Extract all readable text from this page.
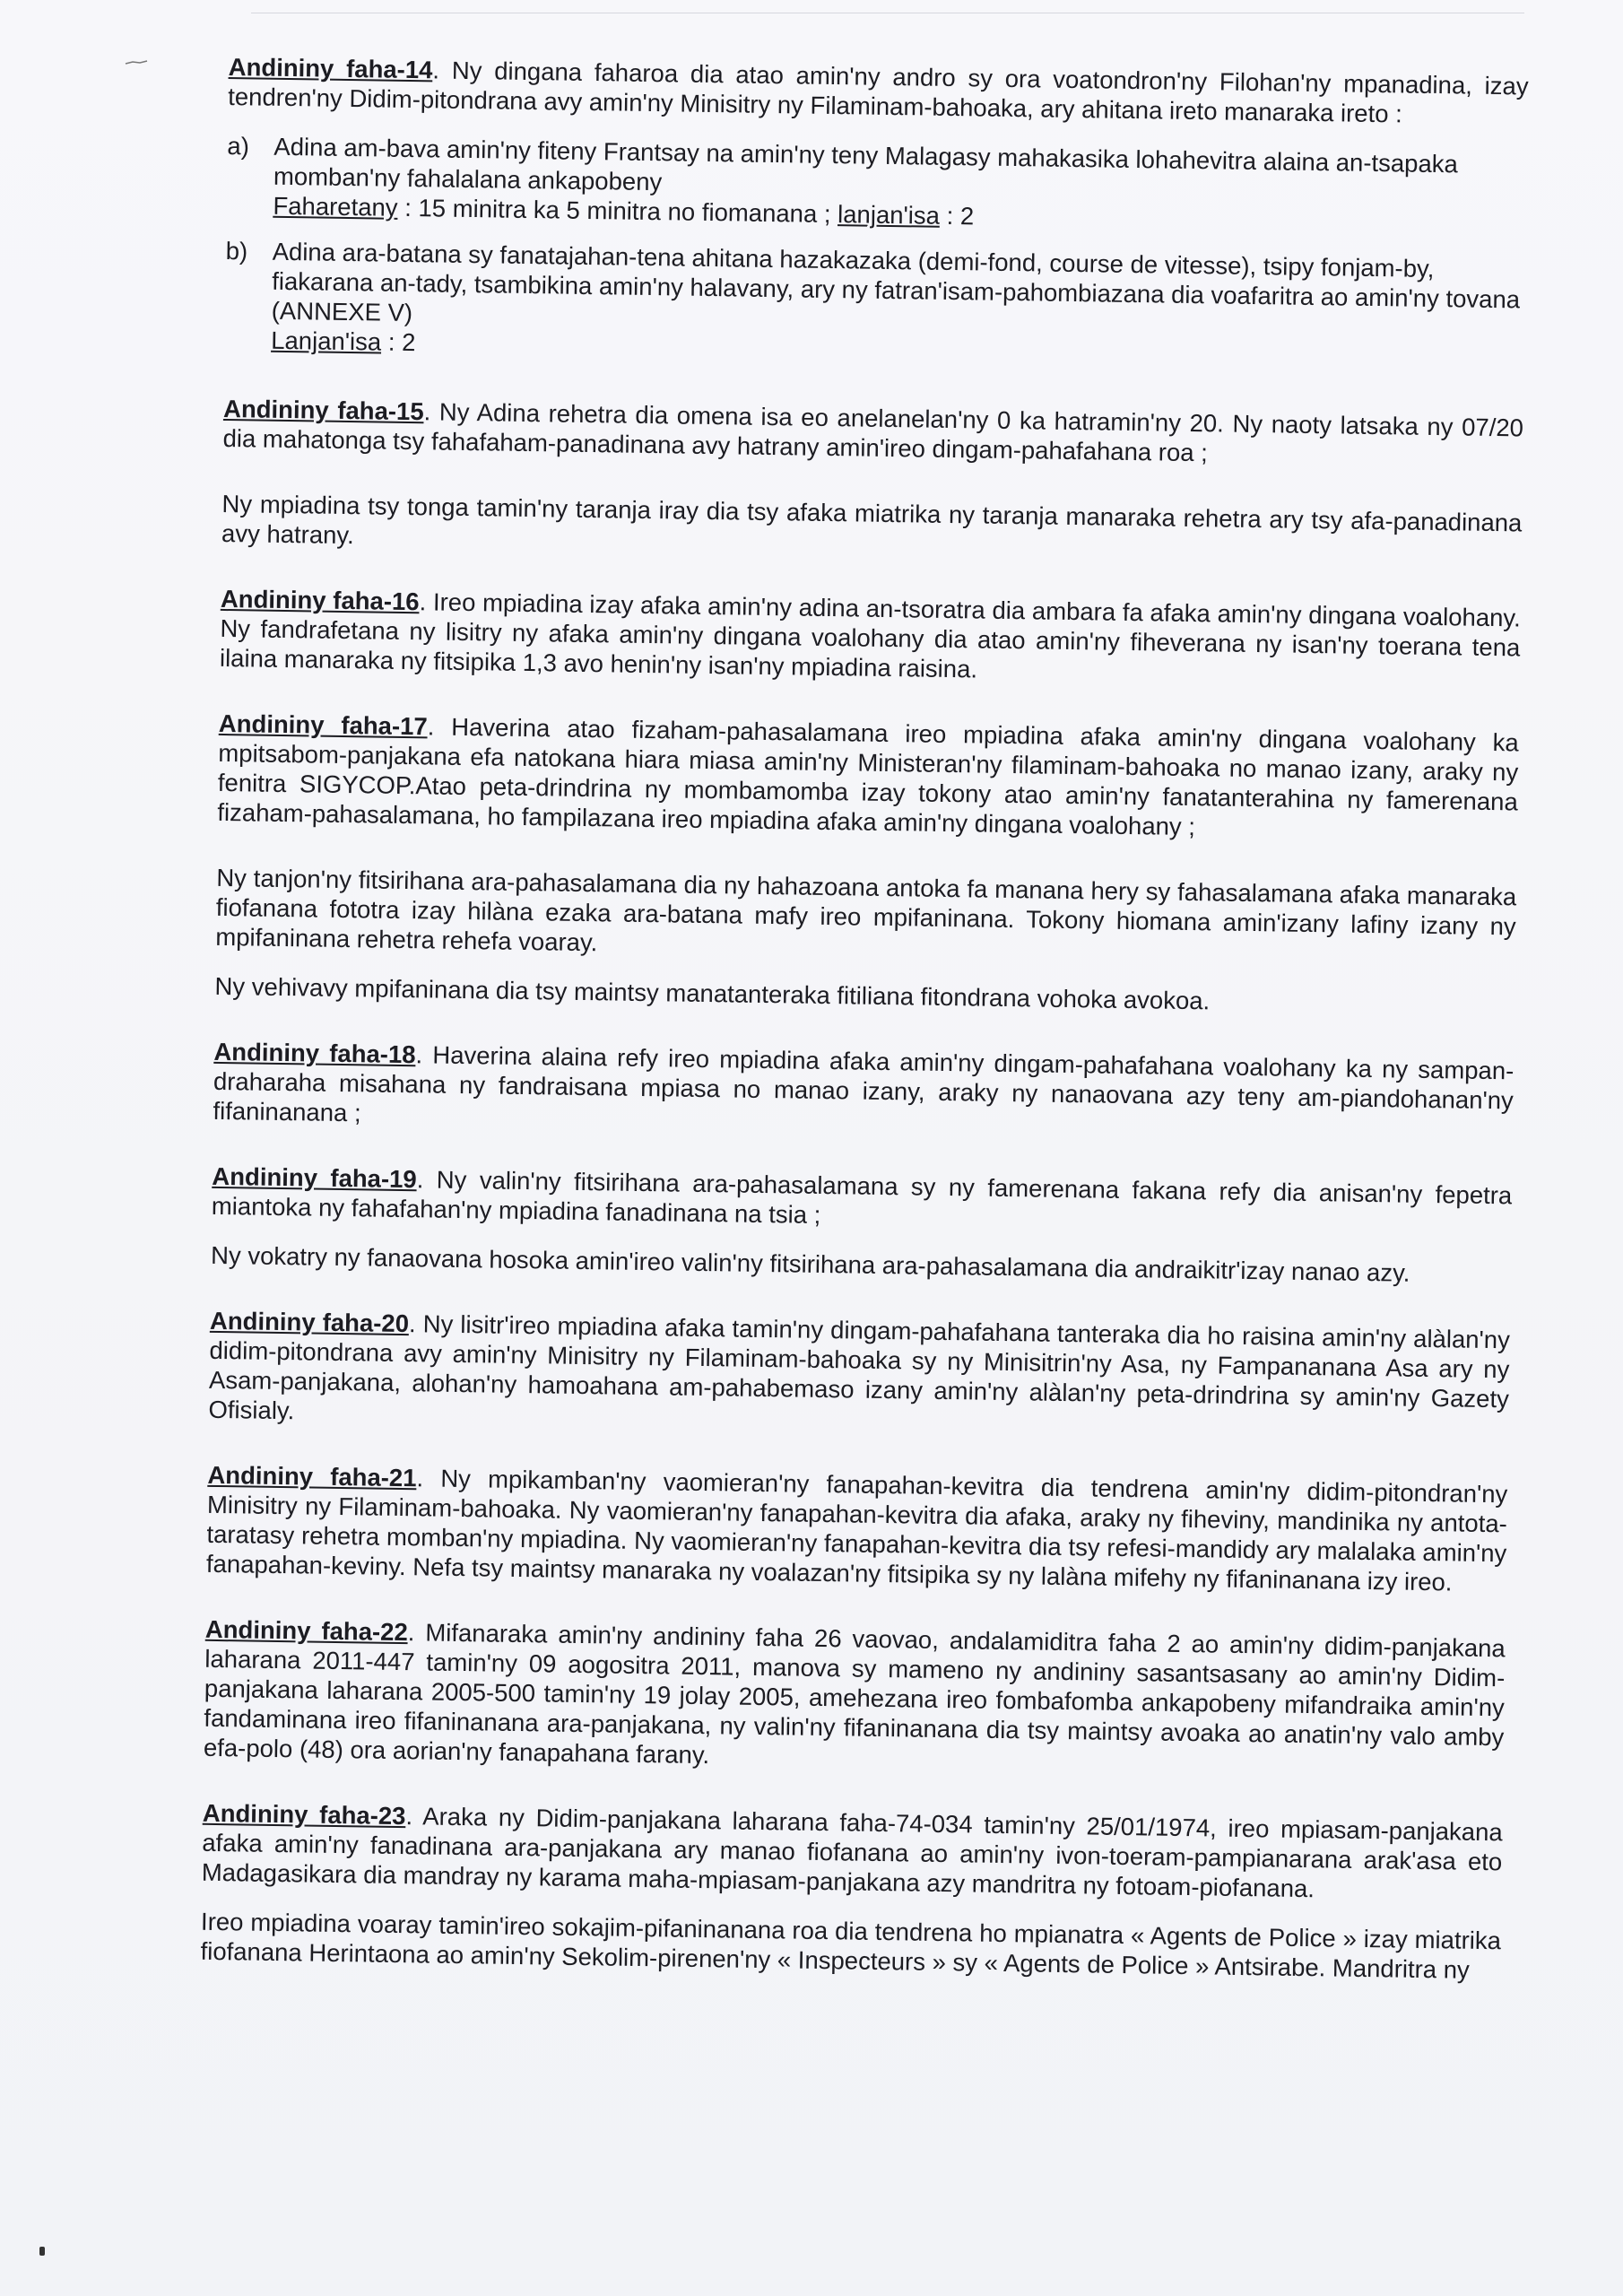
Andininy faha-14. Ny dingana faharoa dia atao amin'ny andro sy ora voatondron'ny Filohan'ny mpanadina, izay tendren'ny Didim-pitondrana avy amin'ny Minisitry ny Filaminam-bahoaka, ary ahitana ireto manaraka ireto :

a) Adina am-bava amin'ny fiteny Frantsay na amin'ny teny Malagasy mahakasika lohahevitra alaina an-tsapaka momban'ny fahalalana ankapobeny
Faharetany : 15 minitra ka 5 minitra no fiomanana ; lanjan'isa : 2
b) Adina ara-batana sy fanatajahan-tena ahitana hazakazaka (demi-fond, course de vitesse), tsipy fonjam-by, fiakarana an-tady, tsambikina amin'ny halavany, ary ny fatran'isam-pahombiazana dia voafaritra ao amin'ny tovana (ANNEXE V)
Lanjan'isa : 2

Andininy faha-15. Ny Adina rehetra dia omena isa eo anelanelan'ny 0 ka hatramin'ny 20. Ny naoty latsaka ny 07/20 dia mahatonga tsy fahafaham-panadinana avy hatrany amin'ireo dingam-pahafahana roa ;

Ny mpiadina tsy tonga tamin'ny taranja iray dia tsy afaka miatrika ny taranja manaraka rehetra ary tsy afa-panadinana avy hatrany.

Andininy faha-16. Ireo mpiadina izay afaka amin'ny adina an-tsoratra dia ambara fa afaka amin'ny dingana voalohany. Ny fandrafetana ny lisitry ny afaka amin'ny dingana voalohany dia atao amin'ny fiheverana ny isan'ny toerana tena ilaina manaraka ny fitsipika 1,3 avo henin'ny isan'ny mpiadina raisina.

Andininy faha-17. Haverina atao fizaham-pahasalamana ireo mpiadina afaka amin'ny dingana voalohany ka mpitsabom-panjakana efa natokana hiara miasa amin'ny Ministeran'ny filaminam-bahoaka no manao izany, araky ny fenitra SIGYCOP.Atao peta-drindrina ny mombamomba izay tokony atao amin'ny fanatanterahina ny famerenana fizaham-pahasalamana, ho fampilazana ireo mpiadina afaka amin'ny dingana voalohany ;

Ny tanjon'ny fitsirihana ara-pahasalamana dia ny hahazoana antoka fa manana hery sy fahasalamana afaka manaraka fiofanana fototra izay hilàna ezaka ara-batana mafy ireo mpifaninana. Tokony hiomana amin'izany lafiny izany ny mpifaninana rehetra rehefa voaray.

Ny vehivavy mpifaninana dia tsy maintsy manatanteraka fitiliana fitondrana vohoka avokoa.

Andininy faha-18. Haverina alaina refy ireo mpiadina afaka amin'ny dingam-pahafahana voalohany ka ny sampan-draharaha misahana ny fandraisana mpiasa no manao izany, araky ny nanaovana azy teny am-piandohanan'ny fifaninanana ;

Andininy faha-19. Ny valin'ny fitsirihana ara-pahasalamana sy ny famerenana fakana refy dia anisan'ny fepetra miantoka ny fahafahan'ny mpiadina fanadinana na tsia ;

Ny vokatry ny fanaovana hosoka amin'ireo valin'ny fitsirihana ara-pahasalamana dia andraikitr'izay nanao azy.

Andininy faha-20. Ny lisitr'ireo mpiadina afaka tamin'ny dingam-pahafahana tanteraka dia ho raisina amin'ny alàlan'ny didim-pitondrana avy amin'ny Minisitry ny Filaminam-bahoaka sy ny Minisitrin'ny Asa, ny Fampananana Asa ary ny Asam-panjakana, alohan'ny hamoahana am-pahabemaso izany amin'ny alàlan'ny peta-drindrina sy amin'ny Gazety Ofisialy.

Andininy faha-21. Ny mpikamban'ny vaomieran'ny fanapahan-kevitra dia tendrena amin'ny didim-pitondran'ny Minisitry ny Filaminam-bahoaka. Ny vaomieran'ny fanapahan-kevitra dia afaka, araky ny fiheviny, mandinika ny antota-taratasy rehetra momban'ny mpiadina. Ny vaomieran'ny fanapahan-kevitra dia tsy refesi-mandidy ary malalaka amin'ny fanapahan-keviny. Nefa tsy maintsy manaraka ny voalazan'ny fitsipika sy ny lalàna mifehy ny fifaninanana izy ireo.

Andininy faha-22. Mifanaraka amin'ny andininy faha 26 vaovao, andalamiditra faha 2 ao amin'ny didim-panjakana laharana 2011-447 tamin'ny 09 aogositra 2011, manova sy mameno ny andininy sasantsasany ao amin'ny Didim-panjakana laharana 2005-500 tamin'ny 19 jolay 2005, amehezana ireo fombafomba ankapobeny mifandraika amin'ny fandaminana ireo fifaninanana ara-panjakana, ny valin'ny fifaninanana dia tsy maintsy avoaka ao anatin'ny valo amby efa-polo (48) ora aorian'ny fanapahana farany.

Andininy faha-23. Araka ny Didim-panjakana laharana faha-74-034 tamin'ny 25/01/1974, ireo mpiasam-panjakana afaka amin'ny fanadinana ara-panjakana ary manao fiofanana ao amin'ny ivon-toeram-pampianarana arak'asa eto Madagasikara dia mandray ny karama maha-mpiasam-panjakana azy mandritra ny fotoam-piofanana.

Ireo mpiadina voaray tamin'ireo sokajim-pifaninanana roa dia tendrena ho mpianatra « Agents de Police » izay miatrika fiofanana Herintaona ao amin'ny Sekolim-pirenen'ny « Inspecteurs » sy « Agents de Police » Antsirabe. Mandritra ny
